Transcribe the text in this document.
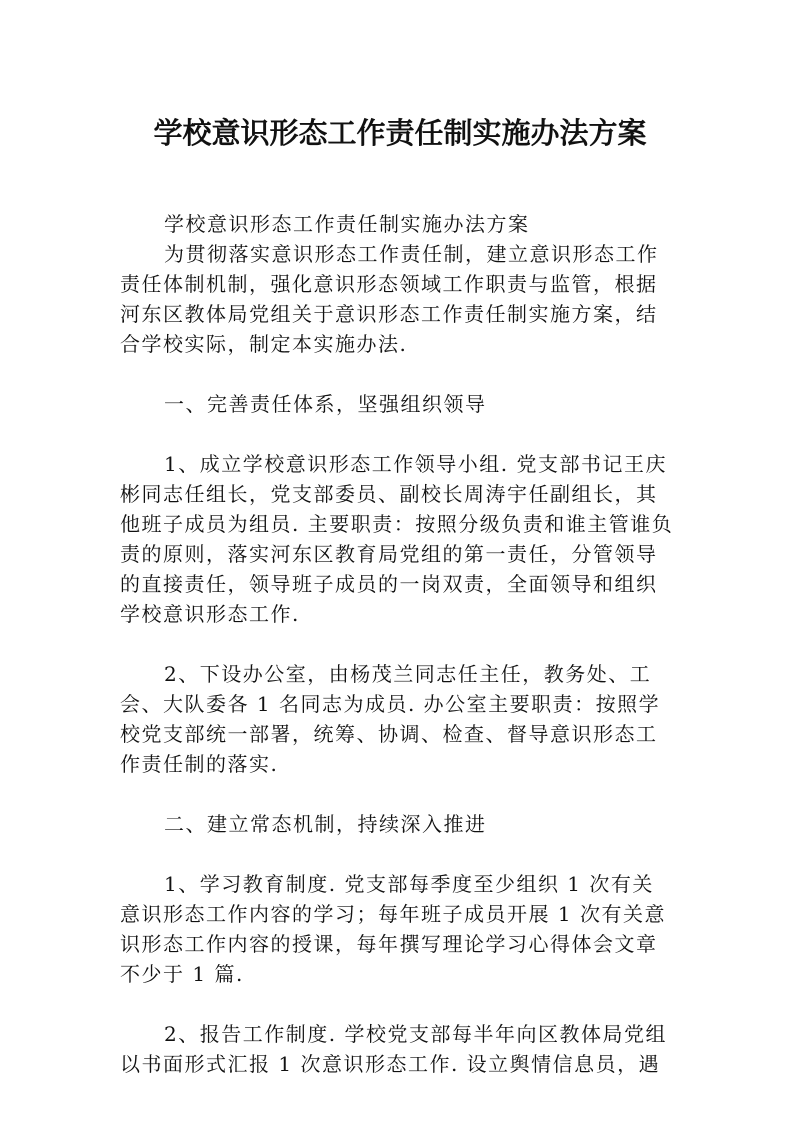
学校意识形态工作责任制实施办法方案

学校意识形态工作责任制实施办法方案

为贯彻落实意识形态工作责任制，建立意识形态工作责任体制机制，强化意识形态领域工作职责与监管，根据河东区教体局党组关于意识形态工作责任制实施方案，结合学校实际，制定本实施办法.

一、完善责任体系，坚强组织领导

1、成立学校意识形态工作领导小组. 党支部书记王庆彬同志任组长，党支部委员、副校长周涛宇任副组长，其他班子成员为组员. 主要职责：按照分级负责和谁主管谁负责的原则，落实河东区教育局党组的第一责任，分管领导的直接责任，领导班子成员的一岗双责，全面领导和组织学校意识形态工作.

2、下设办公室，由杨茂兰同志任主任，教务处、工会、大队委各 1 名同志为成员. 办公室主要职责：按照学校党支部统一部署，统筹、协调、检查、督导意识形态工作责任制的落实.

二、建立常态机制，持续深入推进

1、学习教育制度. 党支部每季度至少组织 1 次有关意识形态工作内容的学习；每年班子成员开展 1 次有关意识形态工作内容的授课，每年撰写理论学习心得体会文章不少于 1 篇.

2、报告工作制度. 学校党支部每半年向区教体局党组以书面形式汇报 1 次意识形态工作. 设立舆情信息员，遇
